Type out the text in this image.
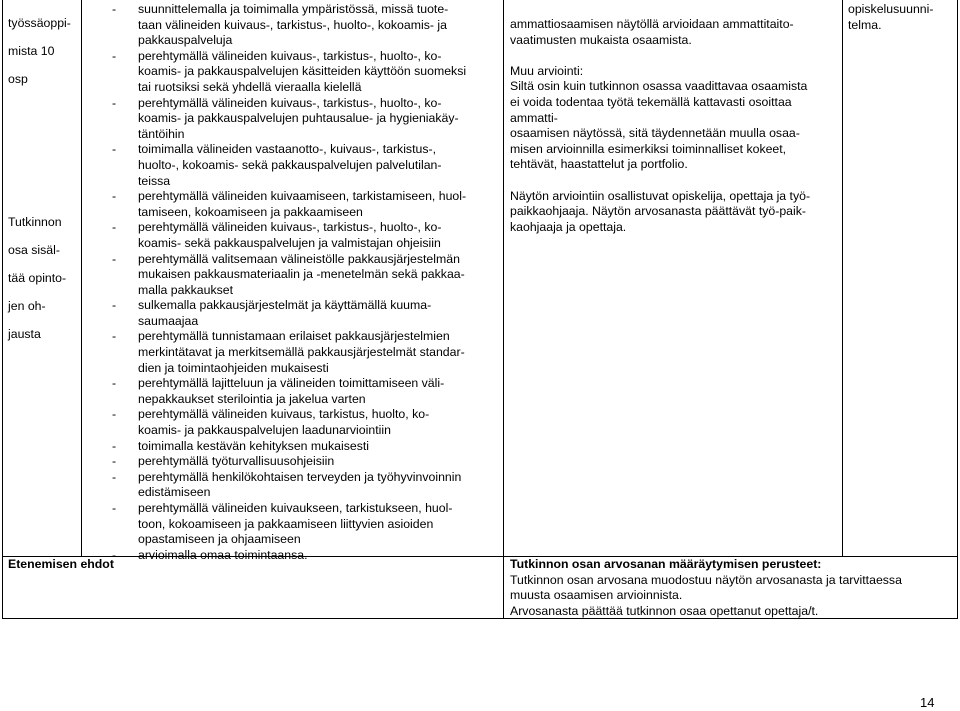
työssäoppi-

mista 10

osp

Tutkinnon

osa sisäl-

tää opinto-

jen oh-

jausta

- suunnittelemalla ja toimimalla ympäristössä, missä tuote-
taan välineiden kuivaus-, tarkistus-, huolto-, kokoamis- ja
pakkauspalveluja
- perehtymällä välineiden kuivaus-, tarkistus-, huolto-, ko-
koamis- ja pakkauspalvelujen käsitteiden käyttöön suomeksi
tai ruotsiksi sekä yhdellä vieraalla kielellä
- perehtymällä välineiden kuivaus-, tarkistus-, huolto-, ko-
koamis- ja pakkauspalvelujen puhtausalue- ja hygieniakäy-
täntöihin
- toimimalla välineiden vastaanotto-, kuivaus-, tarkistus-,
huolto-, kokoamis- sekä pakkauspalvelujen palvelutilan-
teissa
- perehtymällä välineiden kuivaamiseen, tarkistamiseen, huol-
tamiseen, kokoamiseen ja pakkaamiseen
- perehtymällä välineiden kuivaus-, tarkistus-, huolto-, ko-
koamis- sekä pakkauspalvelujen ja valmistajan ohjeisiin
- perehtymällä valitsemaan välineistölle pakkausjärjestelmän
mukaisen pakkausmateriaalin ja -menetelmän sekä pakkaa-
malla pakkaukset
- sulkemalla pakkausjärjestelmät ja käyttämällä kuuma-
saumaajaa
- perehtymällä tunnistamaan erilaiset pakkausjärjestelmien
merkintätavat ja merkitsemällä pakkausjärjestelmät standar-
dien ja toimintaohjeiden mukaisesti
- perehtymällä lajitteluun ja välineiden toimittamiseen väli-
nepakkaukset sterilointia ja jakelua varten
- perehtymällä välineiden kuivaus, tarkistus, huolto, ko-
koamis- ja pakkauspalvelujen laadunarviointiin
- toimimalla kestävän kehityksen mukaisesti
- perehtymällä työturvallisuusohjeisiin
- perehtymällä henkilökohtaisen terveyden ja työhyvinvoinnin
edistämiseen
- perehtymällä välineiden kuivaukseen, tarkistukseen, huol-
toon, kokoamiseen ja pakkaamiseen liittyvien asioiden
opastamiseen ja ohjaamiseen
- arvioimalla omaa toimintaansa.

ammattiosaamisen näytöllä arvioidaan ammattitaito-

vaatimusten mukaista osaamista.

Muu arviointi:

Siltä osin kuin tutkinnon osassa vaadittavaa osaamista

ei voida todentaa työtä tekemällä kattavasti osoittaa ammatti-

osaamisen näytössä, sitä täydennetään muulla osaa-

misen arvioinnilla esimerkiksi toiminnalliset kokeet,

tehtävät, haastattelut ja portfolio.

Näytön arviointiin osallistuvat opiskelija, opettaja ja työ-

paikkaohjaaja. Näytön arvosanasta päättävät työ-paik-

kaohjaaja ja opettaja.

opiskelusuunni-
telma.
Etenemisen ehdot	Tutkinnon osan arvosanan määräytymisen perusteet:

Tutkinnon osan arvosana muodostuu näytön arvosanasta ja tarvittaessa

muusta osaamisen arvioinnista.

Arvosanasta päättää tutkinnon osaa opettanut opettaja/t.

14
